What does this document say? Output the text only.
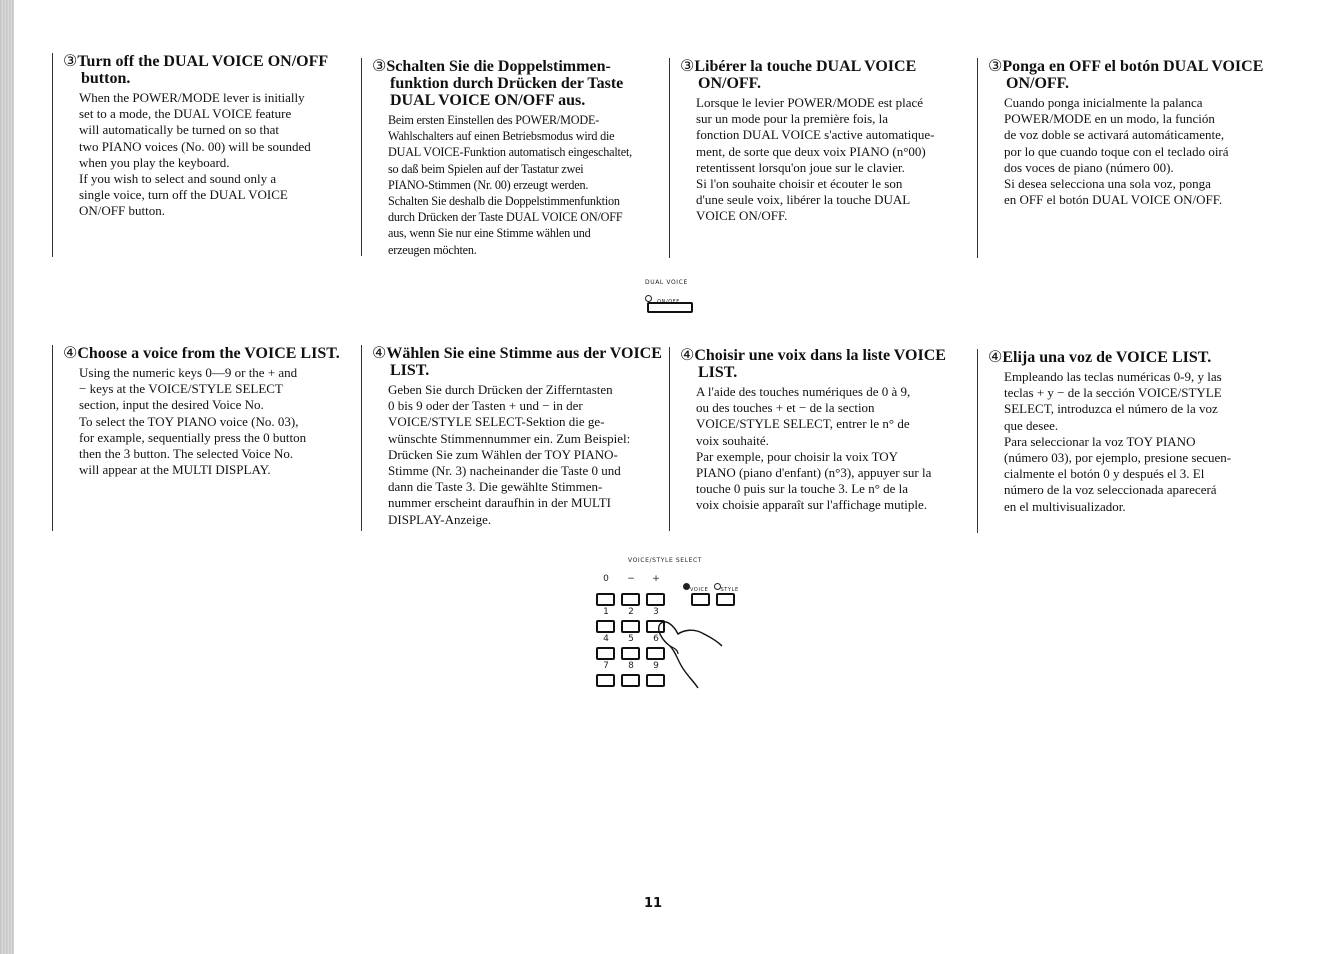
③Turn off the DUAL VOICE ON/OFF button.

When the POWER/MODE lever is initially
set to a mode, the DUAL VOICE feature
will automatically be turned on so that
two PIANO voices (No. 00) will be sounded
when you play the keyboard.
If you wish to select and sound only a
single voice, turn off the DUAL VOICE
ON/OFF button.

③Schalten Sie die Doppelstimmen-funktion durch Drücken der Taste DUAL VOICE ON/OFF aus.

Beim ersten Einstellen des POWER/MODE-
Wahlschalters auf einen Betriebsmodus wird die
DUAL VOICE-Funktion automatisch eingeschaltet,
so daß beim Spielen auf der Tastatur zwei
PIANO-Stimmen (Nr. 00) erzeugt werden.
Schalten Sie deshalb die Doppelstimmenfunktion
durch Drücken der Taste DUAL VOICE ON/OFF
aus, wenn Sie nur eine Stimme wählen und
erzeugen möchten.

③Libérer la touche DUAL VOICE ON/OFF.

Lorsque le levier POWER/MODE est placé
sur un mode pour la première fois, la
fonction DUAL VOICE s'active automatique-
ment, de sorte que deux voix PIANO (n°00)
retentissent lorsqu'on joue sur le clavier.
Si l'on souhaite choisir et écouter le son
d'une seule voix, libérer la touche DUAL
VOICE ON/OFF.

③Ponga en OFF el botón DUAL VOICE ON/OFF.

Cuando ponga inicialmente la palanca
POWER/MODE en un modo, la función
de voz doble se activará automáticamente,
por lo que cuando toque con el teclado oirá
dos voces de piano (número 00).
Si desea selecciona una sola voz, ponga
en OFF el botón DUAL VOICE ON/OFF.

DUAL VOICE
ON/OFF
④Choose a voice from the VOICE LIST.

Using the numeric keys 0—9 or the + and
− keys at the VOICE/STYLE SELECT
section, input the desired Voice No.
To select the TOY PIANO voice (No. 03),
for example, sequentially press the 0 button
then the 3 button. The selected Voice No.
will appear at the MULTI DISPLAY.

④Wählen Sie eine Stimme aus der VOICE LIST.

Geben Sie durch Drücken der Zifferntasten
0 bis 9 oder der Tasten + und − in der
VOICE/STYLE SELECT-Sektion die ge-
wünschte Stimmennummer ein. Zum Beispiel:
Drücken Sie zum Wählen der TOY PIANO-
Stimme (Nr. 3) nacheinander die Taste 0 und
dann die Taste 3. Die gewählte Stimmen-
nummer erscheint daraufhin in der MULTI
DISPLAY-Anzeige.

④Choisir une voix dans la liste VOICE LIST.

A l'aide des touches numériques de 0 à 9,
ou des touches + et − de la section
VOICE/STYLE SELECT, entrer le n° de
voix souhaité.
Par exemple, pour choisir la voix TOY
PIANO (piano d'enfant) (n°3), appuyer sur la
touche 0 puis sur la touche 3. Le n° de la
voix choisie apparaît sur l'affichage mutiple.

④Elija una voz de VOICE LIST.

Empleando las teclas numéricas 0-9, y las
teclas + y − de la sección VOICE/STYLE
SELECT, introduzca el número de la voz
que desee.
Para seleccionar la voz TOY PIANO
(número 03), por ejemplo, presione secuen-
cialmente el botón 0 y después el 3. El
número de la voz seleccionada aparecerá
en el multivisualizador.

VOICE/STYLE SELECT
0	−	+
VOICE STYLE
1	2	3
4	5	6
7	8	9
11
